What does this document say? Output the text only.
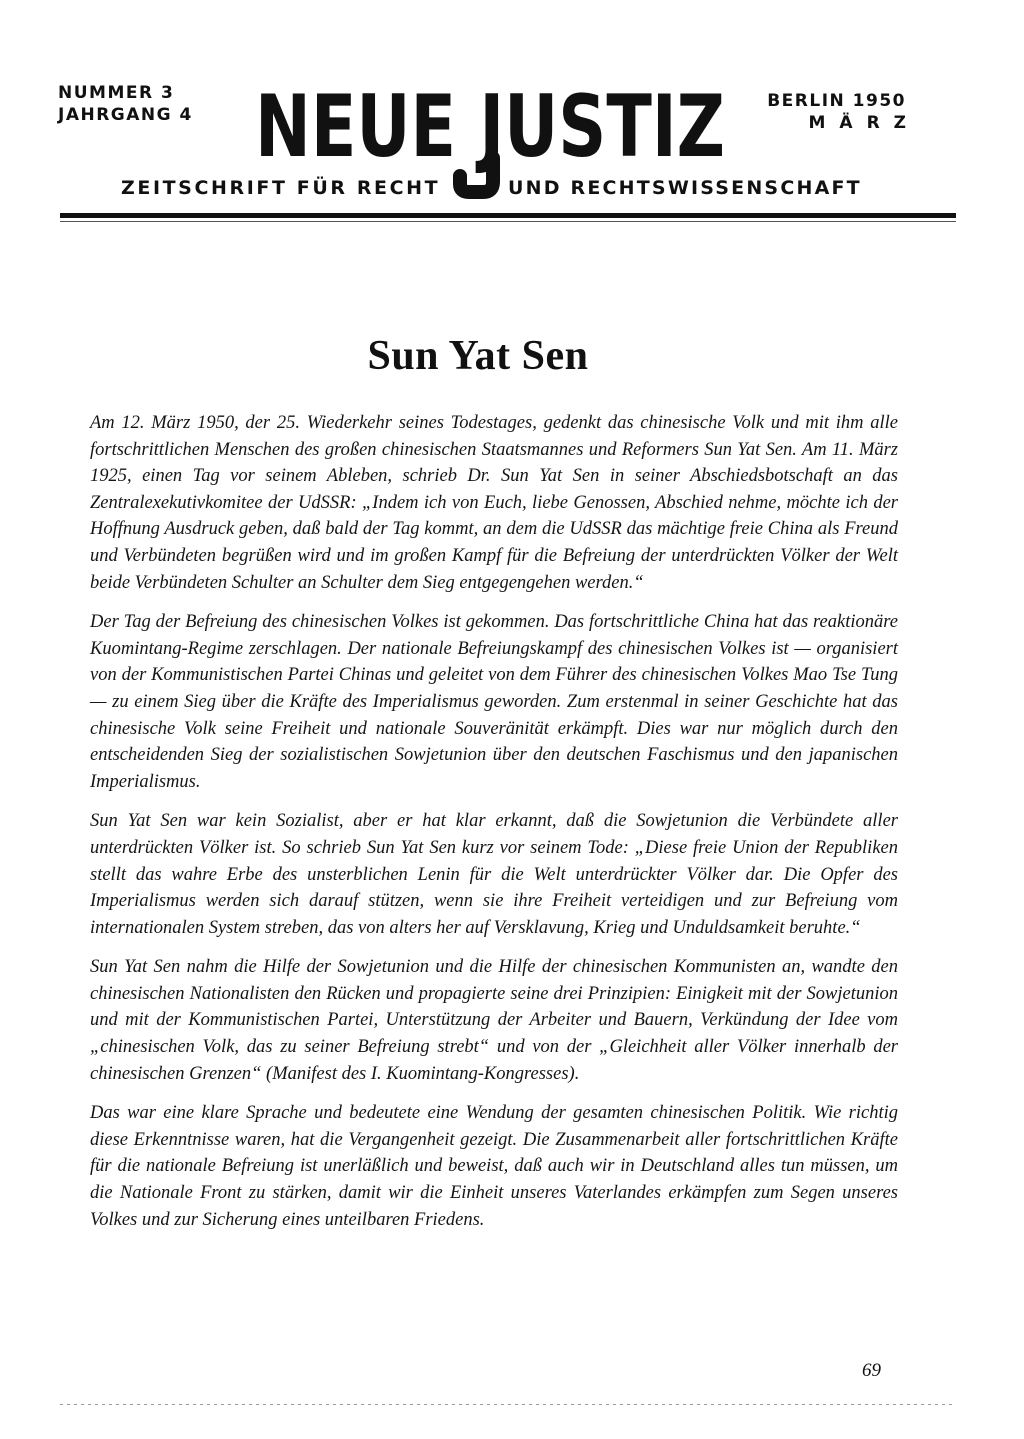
NUMMER 3
JAHRGANG 4 NEUE JUSTIZ BERLIN 1950
MÄRZ
ZEITSCHRIFT FÜR RECHT	UND RECHTSWISSENSCHAFT
Sun Yat Sen

Am 12. März 1950, der 25. Wiederkehr seines Todestages, gedenkt das chinesische Volk und mit ihm alle fortschrittlichen Menschen des großen chinesischen Staatsmannes und Reformers Sun Yat Sen. Am 11. März 1925, einen Tag vor seinem Ableben, schrieb Dr. Sun Yat Sen in seiner Abschiedsbotschaft an das Zentralexekutivkomitee der UdSSR: „Indem ich von Euch, liebe Genossen, Abschied nehme, möchte ich der Hoffnung Ausdruck geben, daß bald der Tag kommt, an dem die UdSSR das mächtige freie China als Freund und Verbündeten begrüßen wird und im großen Kampf für die Befreiung der unterdrückten Völker der Welt beide Verbündeten Schulter an Schulter dem Sieg entgegengehen werden.“

Der Tag der Befreiung des chinesischen Volkes ist gekommen. Das fortschrittliche China hat das reaktionäre Kuomintang-Regime zerschlagen. Der nationale Befreiungskampf des chinesischen Volkes ist — organisiert von der Kommunistischen Partei Chinas und geleitet von dem Führer des chinesischen Volkes Mao Tse Tung — zu einem Sieg über die Kräfte des Imperialismus geworden. Zum erstenmal in seiner Geschichte hat das chinesische Volk seine Freiheit und nationale Souveränität erkämpft. Dies war nur möglich durch den entscheidenden Sieg der sozialistischen Sowjetunion über den deutschen Faschismus und den japanischen Imperialismus.

Sun Yat Sen war kein Sozialist, aber er hat klar erkannt, daß die Sowjetunion die Verbündete aller unterdrückten Völker ist. So schrieb Sun Yat Sen kurz vor seinem Tode: „Diese freie Union der Republiken stellt das wahre Erbe des unsterblichen Lenin für die Welt unterdrückter Völker dar. Die Opfer des Imperialismus werden sich darauf stützen, wenn sie ihre Freiheit verteidigen und zur Befreiung vom internationalen System streben, das von alters her auf Versklavung, Krieg und Unduldsamkeit beruhte.“

Sun Yat Sen nahm die Hilfe der Sowjetunion und die Hilfe der chinesischen Kommunisten an, wandte den chinesischen Nationalisten den Rücken und propagierte seine drei Prinzipien: Einigkeit mit der Sowjetunion und mit der Kommunistischen Partei, Unterstützung der Arbeiter und Bauern, Verkündung der Idee vom „chinesischen Volk, das zu seiner Befreiung strebt“ und von der „Gleichheit aller Völker innerhalb der chinesischen Grenzen“ (Manifest des I. Kuomintang-Kongresses).

Das war eine klare Sprache und bedeutete eine Wendung der gesamten chinesischen Politik. Wie richtig diese Erkenntnisse waren, hat die Vergangenheit gezeigt. Die Zusammenarbeit aller fortschrittlichen Kräfte für die nationale Befreiung ist unerläßlich und beweist, daß auch wir in Deutschland alles tun müssen, um die Nationale Front zu stärken, damit wir die Einheit unseres Vaterlandes erkämpfen zum Segen unseres Volkes und zur Sicherung eines unteilbaren Friedens.

69
